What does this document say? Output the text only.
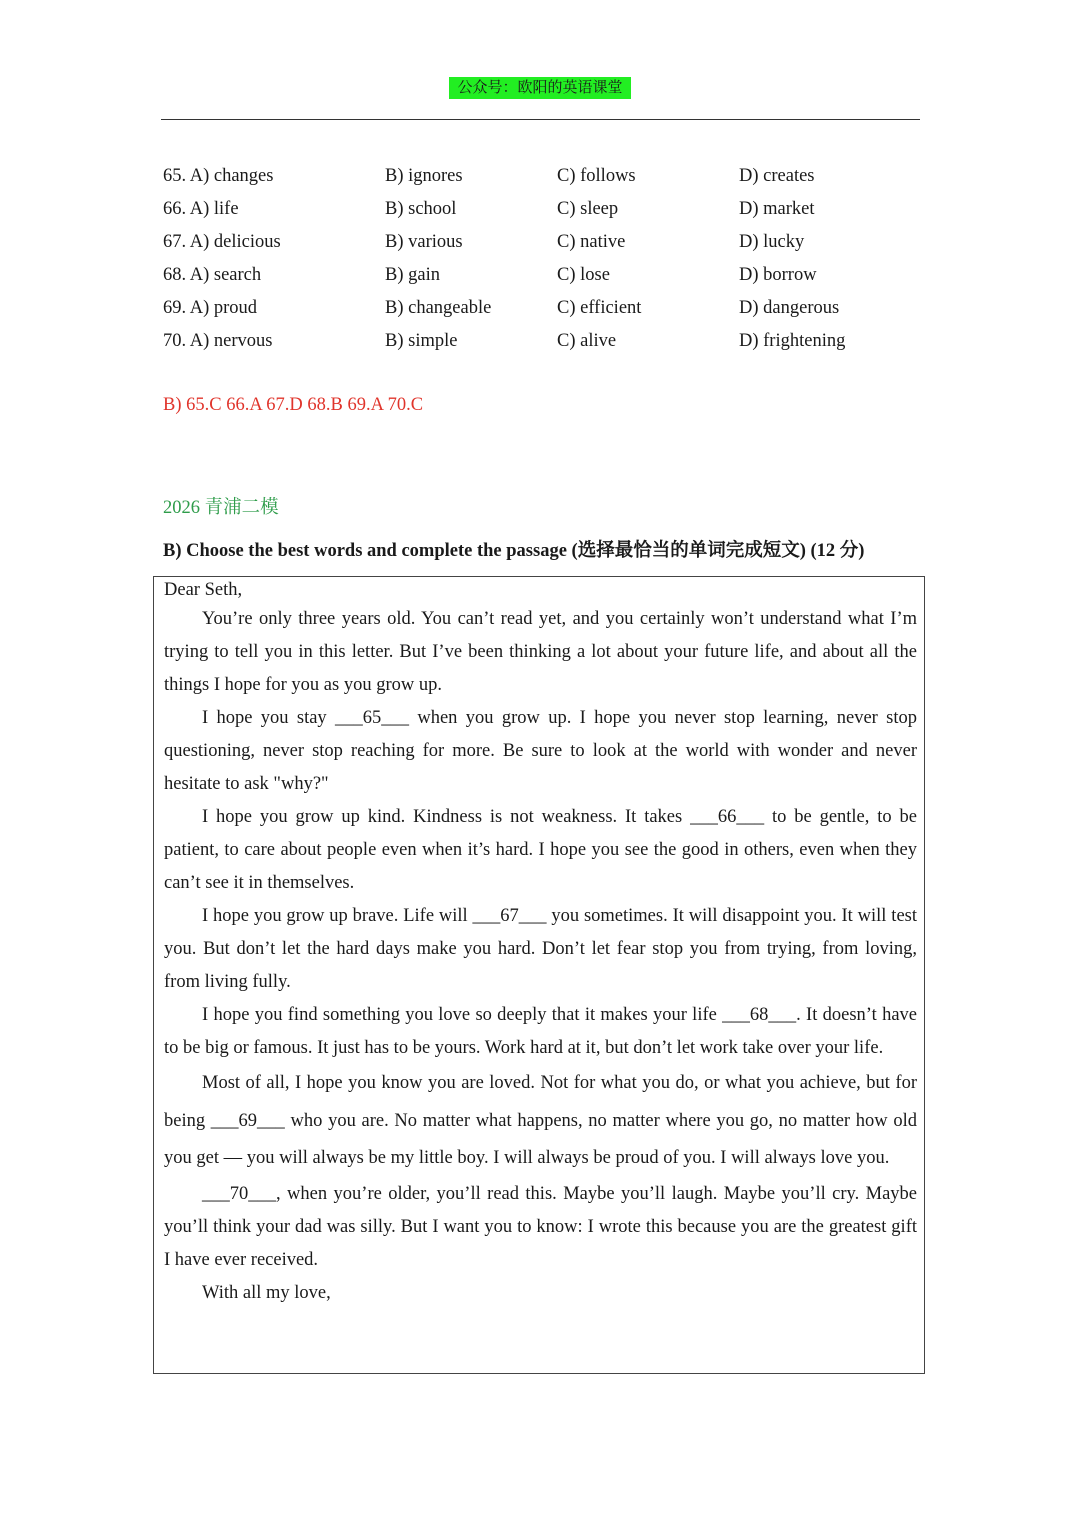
公众号：欧阳的英语课堂
65. A) changes	B) ignores	C) follows	D) creates
66. A) life	B) school	C) sleep	D) market
67. A) delicious	B) various	C) native	D) lucky
68. A) search	B) gain	C) lose	D) borrow
69. A) proud	B) changeable	C) efficient	D) dangerous
70. A) nervous	B) simple	C) alive	D) frightening
B) 65.C 66.A 67.D 68.B 69.A 70.C
2026 青浦二模
B) Choose the best words and complete the passage (选择最恰当的单词完成短文) (12 分)

Dear Seth,

You’re only three years old. You can’t read yet, and you certainly won’t understand what I’m trying to tell you in this letter. But I’ve been thinking a lot about your future life, and about all the things I hope for you as you grow up.

I hope you stay ___65___ when you grow up. I hope you never stop learning, never stop questioning, never stop reaching for more. Be sure to look at the world with wonder and never hesitate to ask "why?"

I hope you grow up kind. Kindness is not weakness. It takes ___66___ to be gentle, to be patient, to care about people even when it’s hard. I hope you see the good in others, even when they can’t see it in themselves.

I hope you grow up brave. Life will ___67___ you sometimes. It will disappoint you. It will test you. But don’t let the hard days make you hard. Don’t let fear stop you from trying, from loving, from living fully.

I hope you find something you love so deeply that it makes your life ___68___. It doesn’t have to be big or famous. It just has to be yours. Work hard at it, but don’t let work take over your life.

Most of all, I hope you know you are loved. Not for what you do, or what you achieve, but for being ___69___ who you are. No matter what happens, no matter where you go, no matter how old you get — you will always be my little boy. I will always be proud of you. I will always love you.

___70___, when you’re older, you’ll read this. Maybe you’ll laugh. Maybe you’ll cry. Maybe you’ll think your dad was silly. But I want you to know: I wrote this because you are the greatest gift I have ever received.

With all my love,
